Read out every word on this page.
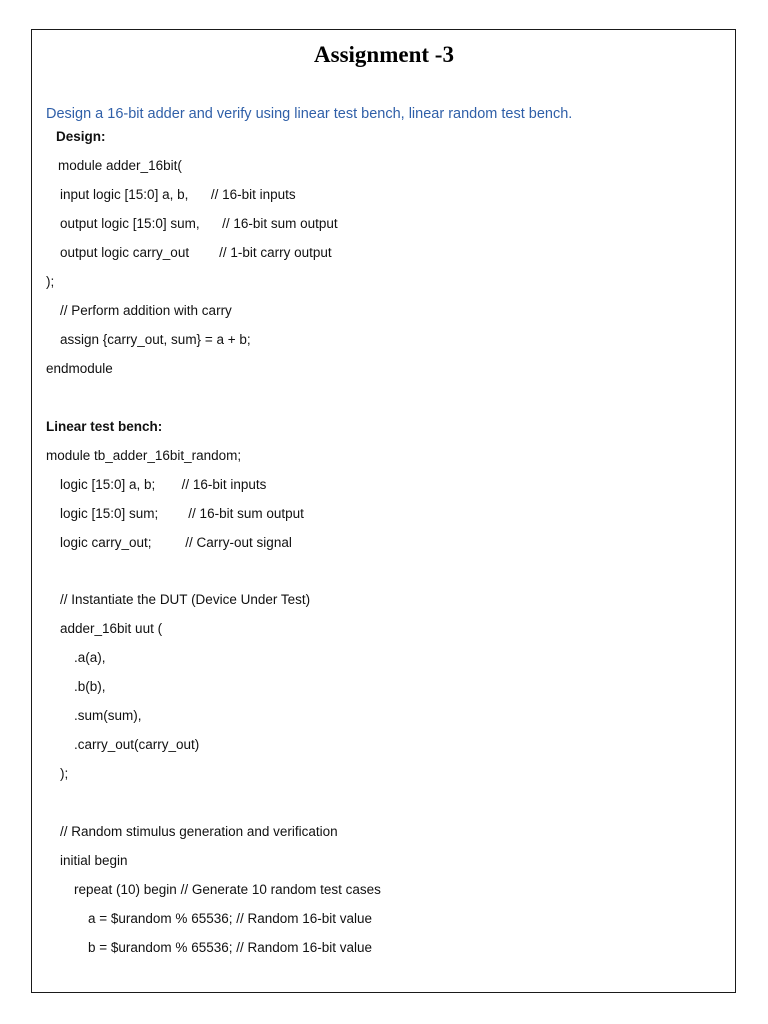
Assignment -3
Design a 16-bit adder and verify using linear test bench, linear random test bench.
Design:
module adder_16bit(
input logic [15:0] a, b,      // 16-bit inputs
output logic [15:0] sum,      // 16-bit sum output
output logic carry_out        // 1-bit carry output
);
// Perform addition with carry
assign {carry_out, sum} = a + b;
endmodule
Linear test bench:
module tb_adder_16bit_random;
logic [15:0] a, b;       // 16-bit inputs
logic [15:0] sum;        // 16-bit sum output
logic carry_out;         // Carry-out signal
// Instantiate the DUT (Device Under Test)
adder_16bit uut (
.a(a),
.b(b),
.sum(sum),
.carry_out(carry_out)
);
// Random stimulus generation and verification
initial begin
repeat (10) begin // Generate 10 random test cases
a = $urandom % 65536; // Random 16-bit value
b = $urandom % 65536; // Random 16-bit value
